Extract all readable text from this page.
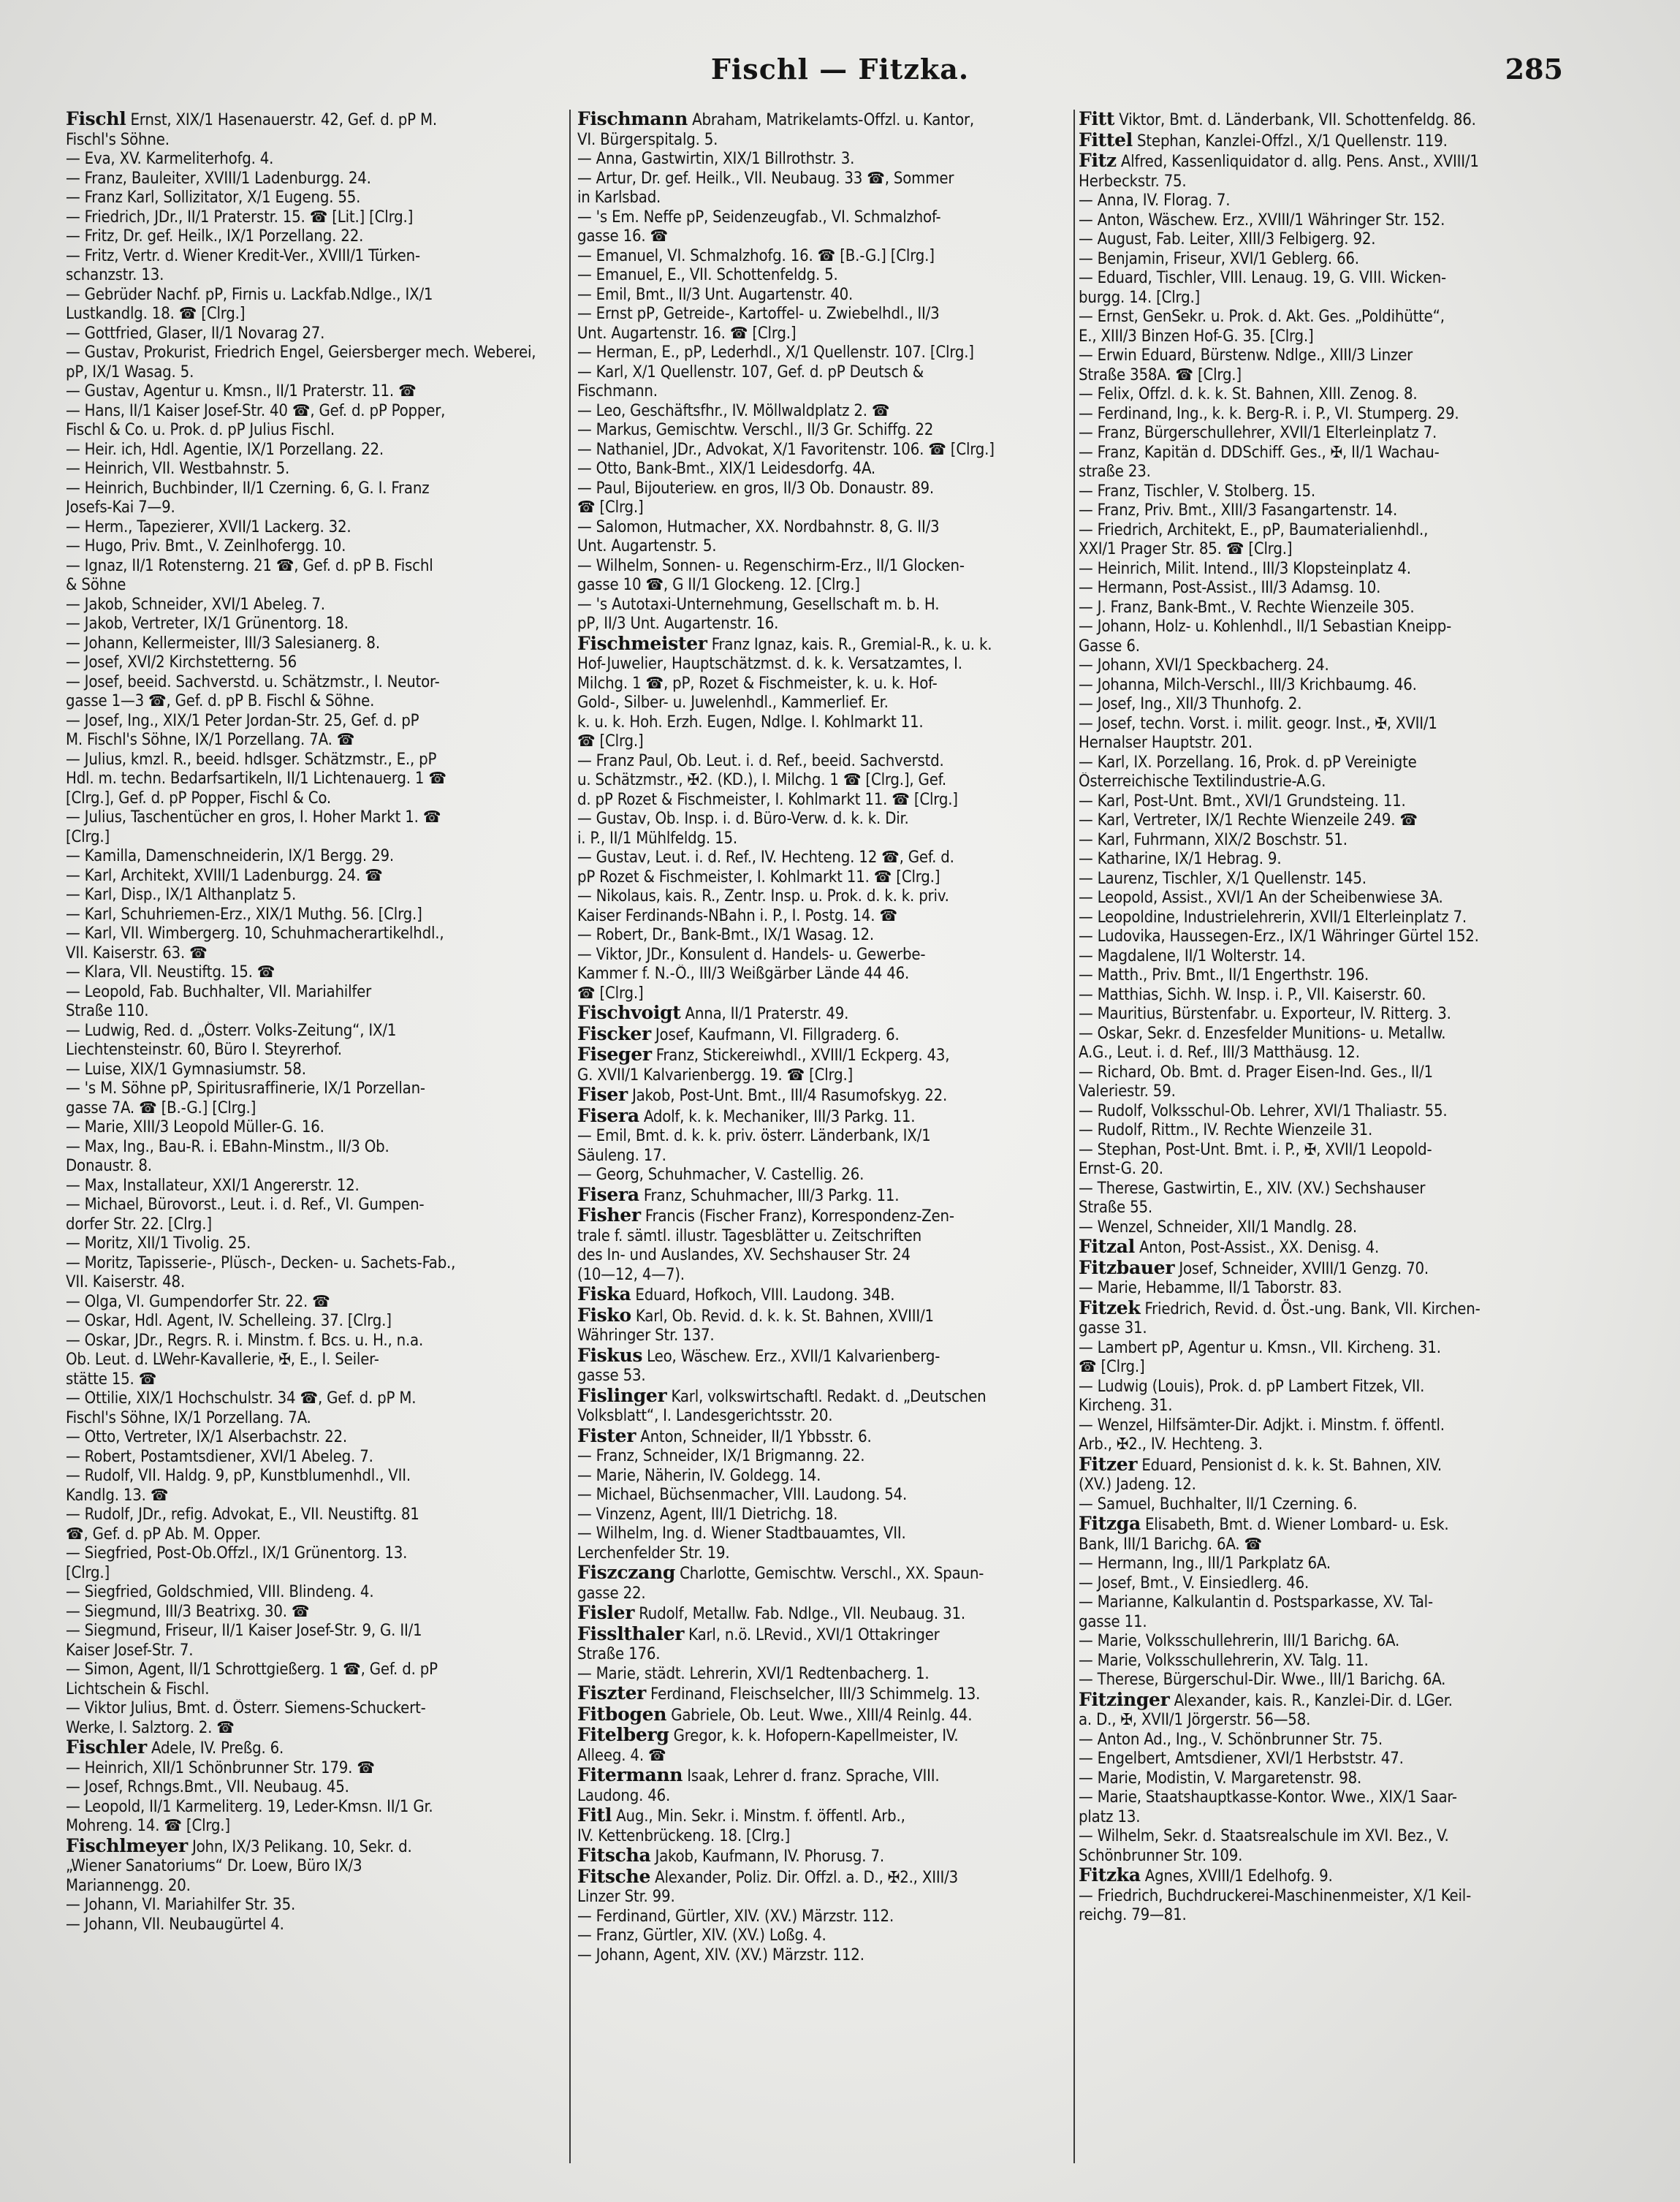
Fischl — Fitzka.	285
Fischl Ernst, XIX/1 Hasenauerstr. 42, Gef. d. pP M.
Fischl's Söhne.
— Eva, XV. Karmeliterhofg. 4.
— Franz, Bauleiter, XVIII/1 Ladenburgg. 24.
— Franz Karl, Sollizitator, X/1 Eugeng. 55.
— Friedrich, JDr., II/1 Praterstr. 15. ☎ [Lit.] [Clrg.]
— Fritz, Dr. gef. Heilk., IX/1 Porzellang. 22.
— Fritz, Vertr. d. Wiener Kredit-Ver., XVIII/1 Türken-
schanzstr. 13.
— Gebrüder Nachf. pP, Firnis u. Lackfab.Ndlge., IX/1
Lustkandlg. 18. ☎ [Clrg.]
— Gottfried, Glaser, II/1 Novarag 27.
— Gustav, Prokurist, Friedrich Engel, Geiersberger mech. Weberei,
pP, IX/1 Wasag. 5.
— Gustav, Agentur u. Kmsn., II/1 Praterstr. 11. ☎
— Hans, II/1 Kaiser Josef-Str. 40 ☎, Gef. d. pP Popper,
Fischl & Co. u. Prok. d. pP Julius Fischl.
— Heir. ich, Hdl. Agentie, IX/1 Porzellang. 22.
— Heinrich, VII. Westbahnstr. 5.
— Heinrich, Buchbinder, II/1 Czerning. 6, G. I. Franz
Josefs-Kai 7—9.
— Herm., Tapezierer, XVII/1 Lackerg. 32.
— Hugo, Priv. Bmt., V. Zeinlhofergg. 10.
— Ignaz, II/1 Rotensterng. 21 ☎, Gef. d. pP B. Fischl
& Söhne
— Jakob, Schneider, XVI/1 Abeleg. 7.
— Jakob, Vertreter, IX/1 Grünentorg. 18.
— Johann, Kellermeister, III/3 Salesianerg. 8.
— Josef, XVI/2 Kirchstetterng. 56
— Josef, beeid. Sachverstd. u. Schätzmstr., I. Neutor-
gasse 1—3 ☎, Gef. d. pP B. Fischl & Söhne.
— Josef, Ing., XIX/1 Peter Jordan-Str. 25, Gef. d. pP
M. Fischl's Söhne, IX/1 Porzellang. 7A. ☎
— Julius, kmzl. R., beeid. hdlsger. Schätzmstr., E., pP
Hdl. m. techn. Bedarfsartikeln, II/1 Lichtenauerg. 1 ☎
[Clrg.], Gef. d. pP Popper, Fischl & Co.
— Julius, Taschentücher en gros, I. Hoher Markt 1. ☎
[Clrg.]
— Kamilla, Damenschneiderin, IX/1 Bergg. 29.
— Karl, Architekt, XVIII/1 Ladenburgg. 24. ☎
— Karl, Disp., IX/1 Althanplatz 5.
— Karl, Schuhriemen-Erz., XIX/1 Muthg. 56. [Clrg.]
— Karl, VII. Wimbergerg. 10, Schuhmacherartikelhdl.,
VII. Kaiserstr. 63. ☎
— Klara, VII. Neustiftg. 15. ☎
— Leopold, Fab. Buchhalter, VII. Mariahilfer
Straße 110.
— Ludwig, Red. d. „Österr. Volks-Zeitung“, IX/1
Liechtensteinstr. 60, Büro I. Steyrerhof.
— Luise, XIX/1 Gymnasiumstr. 58.
— 's M. Söhne pP, Spiritusraffinerie, IX/1 Porzellan-
gasse 7A. ☎ [B.-G.] [Clrg.]
— Marie, XIII/3 Leopold Müller-G. 16.
— Max, Ing., Bau-R. i. EBahn-Minstm., II/3 Ob.
Donaustr. 8.
— Max, Installateur, XXI/1 Angererstr. 12.
— Michael, Bürovorst., Leut. i. d. Ref., VI. Gumpen-
dorfer Str. 22. [Clrg.]
— Moritz, XII/1 Tivolig. 25.
— Moritz, Tapisserie-, Plüsch-, Decken- u. Sachets-Fab.,
VII. Kaiserstr. 48.
— Olga, VI. Gumpendorfer Str. 22. ☎
— Oskar, Hdl. Agent, IV. Schelleing. 37. [Clrg.]
— Oskar, JDr., Regrs. R. i. Minstm. f. Bcs. u. H., n.a.
Ob. Leut. d. LWehr-Kavallerie, ✠, E., I. Seiler-
stätte 15. ☎
— Ottilie, XIX/1 Hochschulstr. 34 ☎, Gef. d. pP M.
Fischl's Söhne, IX/1 Porzellang. 7A.
— Otto, Vertreter, IX/1 Alserbachstr. 22.
— Robert, Postamtsdiener, XVI/1 Abeleg. 7.
— Rudolf, VII. Haldg. 9, pP, Kunstblumenhdl., VII.
Kandlg. 13. ☎
— Rudolf, JDr., refig. Advokat, E., VII. Neustiftg. 81
☎, Gef. d. pP Ab. M. Opper.
— Siegfried, Post-Ob.Offzl., IX/1 Grünentorg. 13.
[Clrg.]
— Siegfried, Goldschmied, VIII. Blindeng. 4.
— Siegmund, III/3 Beatrixg. 30. ☎
— Siegmund, Friseur, II/1 Kaiser Josef-Str. 9, G. II/1
Kaiser Josef-Str. 7.
— Simon, Agent, II/1 Schrottgießerg. 1 ☎, Gef. d. pP
Lichtschein & Fischl.
— Viktor Julius, Bmt. d. Österr. Siemens-Schuckert-
Werke, I. Salztorg. 2. ☎
Fischler Adele, IV. Preßg. 6.
— Heinrich, XII/1 Schönbrunner Str. 179. ☎
— Josef, Rchngs.Bmt., VII. Neubaug. 45.
— Leopold, II/1 Karmeliterg. 19, Leder-Kmsn. II/1 Gr.
Mohreng. 14. ☎ [Clrg.]
Fischlmeyer John, IX/3 Pelikang. 10, Sekr. d.
„Wiener Sanatoriums“ Dr. Loew, Büro IX/3
Mariannengg. 20.
— Johann, VI. Mariahilfer Str. 35.
— Johann, VII. Neubaugürtel 4.
Fischmann Abraham, Matrikelamts-Offzl. u. Kantor,
VI. Bürgerspitalg. 5.
— Anna, Gastwirtin, XIX/1 Billrothstr. 3.
— Artur, Dr. gef. Heilk., VII. Neubaug. 33 ☎, Sommer
in Karlsbad.
— 's Em. Neffe pP, Seidenzeugfab., VI. Schmalzhof-
gasse 16. ☎
— Emanuel, VI. Schmalzhofg. 16. ☎ [B.-G.] [Clrg.]
— Emanuel, E., VII. Schottenfeldg. 5.
— Emil, Bmt., II/3 Unt. Augartenstr. 40.
— Ernst pP, Getreide-, Kartoffel- u. Zwiebelhdl., II/3
Unt. Augartenstr. 16. ☎ [Clrg.]
— Herman, E., pP, Lederhdl., X/1 Quellenstr. 107. [Clrg.]
— Karl, X/1 Quellenstr. 107, Gef. d. pP Deutsch &
Fischmann.
— Leo, Geschäftsfhr., IV. Möllwaldplatz 2. ☎
— Markus, Gemischtw. Verschl., II/3 Gr. Schiffg. 22
— Nathaniel, JDr., Advokat, X/1 Favoritenstr. 106. ☎ [Clrg.]
— Otto, Bank-Bmt., XIX/1 Leidesdorfg. 4A.
— Paul, Bijouteriew. en gros, II/3 Ob. Donaustr. 89.
☎ [Clrg.]
— Salomon, Hutmacher, XX. Nordbahnstr. 8, G. II/3
Unt. Augartenstr. 5.
— Wilhelm, Sonnen- u. Regenschirm-Erz., II/1 Glocken-
gasse 10 ☎, G II/1 Glockeng. 12. [Clrg.]
— 's Autotaxi-Unternehmung, Gesellschaft m. b. H.
pP, II/3 Unt. Augartenstr. 16.
Fischmeister Franz Ignaz, kais. R., Gremial-R., k. u. k.
Hof-Juwelier, Hauptschätzmst. d. k. k. Versatzamtes, I.
Milchg. 1 ☎, pP, Rozet & Fischmeister, k. u. k. Hof-
Gold-, Silber- u. Juwelenhdl., Kammerlief. Er.
k. u. k. Hoh. Erzh. Eugen, Ndlge. I. Kohlmarkt 11.
☎ [Clrg.]
— Franz Paul, Ob. Leut. i. d. Ref., beeid. Sachverstd.
u. Schätzmstr., ✠2. (KD.), I. Milchg. 1 ☎ [Clrg.], Gef.
d. pP Rozet & Fischmeister, I. Kohlmarkt 11. ☎ [Clrg.]
— Gustav, Ob. Insp. i. d. Büro-Verw. d. k. k. Dir.
i. P., II/1 Mühlfeldg. 15.
— Gustav, Leut. i. d. Ref., IV. Hechteng. 12 ☎, Gef. d.
pP Rozet & Fischmeister, I. Kohlmarkt 11. ☎ [Clrg.]
— Nikolaus, kais. R., Zentr. Insp. u. Prok. d. k. k. priv.
Kaiser Ferdinands-NBahn i. P., I. Postg. 14. ☎
— Robert, Dr., Bank-Bmt., IX/1 Wasag. 12.
— Viktor, JDr., Konsulent d. Handels- u. Gewerbe-
Kammer f. N.-Ö., III/3 Weißgärber Lände 44 46.
☎ [Clrg.]
Fischvoigt Anna, II/1 Praterstr. 49.
Fiscker Josef, Kaufmann, VI. Fillgraderg. 6.
Fiseger Franz, Stickereiwhdl., XVIII/1 Eckperg. 43,
G. XVII/1 Kalvarienbergg. 19. ☎ [Clrg.]
Fiser Jakob, Post-Unt. Bmt., III/4 Rasumofskyg. 22.
Fisera Adolf, k. k. Mechaniker, III/3 Parkg. 11.
— Emil, Bmt. d. k. k. priv. österr. Länderbank, IX/1
Säuleng. 17.
— Georg, Schuhmacher, V. Castellig. 26.
Fisera Franz, Schuhmacher, III/3 Parkg. 11.
Fisher Francis (Fischer Franz), Korrespondenz-Zen-
trale f. sämtl. illustr. Tagesblätter u. Zeitschriften
des In- und Auslandes, XV. Sechshauser Str. 24
(10—12, 4—7).
Fiska Eduard, Hofkoch, VIII. Laudong. 34B.
Fisko Karl, Ob. Revid. d. k. k. St. Bahnen, XVIII/1
Währinger Str. 137.
Fiskus Leo, Wäschew. Erz., XVII/1 Kalvarienberg-
gasse 53.
Fislinger Karl, volkswirtschaftl. Redakt. d. „Deutschen
Volksblatt“, I. Landesgerichtsstr. 20.
Fister Anton, Schneider, II/1 Ybbsstr. 6.
— Franz, Schneider, IX/1 Brigmanng. 22.
— Marie, Näherin, IV. Goldegg. 14.
— Michael, Büchsenmacher, VIII. Laudong. 54.
— Vinzenz, Agent, III/1 Dietrichg. 18.
— Wilhelm, Ing. d. Wiener Stadtbauamtes, VII.
Lerchenfelder Str. 19.
Fiszczang Charlotte, Gemischtw. Verschl., XX. Spaun-
gasse 22.
Fisler Rudolf, Metallw. Fab. Ndlge., VII. Neubaug. 31.
Fisslthaler Karl, n.ö. LRevid., XVI/1 Ottakringer
Straße 176.
— Marie, städt. Lehrerin, XVI/1 Redtenbacherg. 1.
Fiszter Ferdinand, Fleischselcher, III/3 Schimmelg. 13.
Fitbogen Gabriele, Ob. Leut. Wwe., XIII/4 Reinlg. 44.
Fitelberg Gregor, k. k. Hofopern-Kapellmeister, IV.
Alleeg. 4. ☎
Fitermann Isaak, Lehrer d. franz. Sprache, VIII.
Laudong. 46.
Fitl Aug., Min. Sekr. i. Minstm. f. öffentl. Arb.,
IV. Kettenbrückeng. 18. [Clrg.]
Fitscha Jakob, Kaufmann, IV. Phorusg. 7.
Fitsche Alexander, Poliz. Dir. Offzl. a. D., ✠2., XIII/3
Linzer Str. 99.
— Ferdinand, Gürtler, XIV. (XV.) Märzstr. 112.
— Franz, Gürtler, XIV. (XV.) Loßg. 4.
— Johann, Agent, XIV. (XV.) Märzstr. 112.
Fitt Viktor, Bmt. d. Länderbank, VII. Schottenfeldg. 86.
Fittel Stephan, Kanzlei-Offzl., X/1 Quellenstr. 119.
Fitz Alfred, Kassenliquidator d. allg. Pens. Anst., XVIII/1
Herbeckstr. 75.
— Anna, IV. Florag. 7.
— Anton, Wäschew. Erz., XVIII/1 Währinger Str. 152.
— August, Fab. Leiter, XIII/3 Felbigerg. 92.
— Benjamin, Friseur, XVI/1 Geblerg. 66.
— Eduard, Tischler, VIII. Lenaug. 19, G. VIII. Wicken-
burgg. 14. [Clrg.]
— Ernst, GenSekr. u. Prok. d. Akt. Ges. „Poldihütte“,
E., XIII/3 Binzen Hof-G. 35. [Clrg.]
— Erwin Eduard, Bürstenw. Ndlge., XIII/3 Linzer
Straße 358A. ☎ [Clrg.]
— Felix, Offzl. d. k. k. St. Bahnen, XIII. Zenog. 8.
— Ferdinand, Ing., k. k. Berg-R. i. P., VI. Stumperg. 29.
— Franz, Bürgerschullehrer, XVII/1 Elterleinplatz 7.
— Franz, Kapitän d. DDSchiff. Ges., ✠, II/1 Wachau-
straße 23.
— Franz, Tischler, V. Stolberg. 15.
— Franz, Priv. Bmt., XIII/3 Fasangartenstr. 14.
— Friedrich, Architekt, E., pP, Baumaterialienhdl.,
XXI/1 Prager Str. 85. ☎ [Clrg.]
— Heinrich, Milit. Intend., III/3 Klopsteinplatz 4.
— Hermann, Post-Assist., III/3 Adamsg. 10.
— J. Franz, Bank-Bmt., V. Rechte Wienzeile 305.
— Johann, Holz- u. Kohlenhdl., II/1 Sebastian Kneipp-
Gasse 6.
— Johann, XVI/1 Speckbacherg. 24.
— Johanna, Milch-Verschl., III/3 Krichbaumg. 46.
— Josef, Ing., XII/3 Thunhofg. 2.
— Josef, techn. Vorst. i. milit. geogr. Inst., ✠, XVII/1
Hernalser Hauptstr. 201.
— Karl, IX. Porzellang. 16, Prok. d. pP Vereinigte
Österreichische Textilindustrie-A.G.
— Karl, Post-Unt. Bmt., XVI/1 Grundsteing. 11.
— Karl, Vertreter, IX/1 Rechte Wienzeile 249. ☎
— Karl, Fuhrmann, XIX/2 Boschstr. 51.
— Katharine, IX/1 Hebrag. 9.
— Laurenz, Tischler, X/1 Quellenstr. 145.
— Leopold, Assist., XVI/1 An der Scheibenwiese 3A.
— Leopoldine, Industrielehrerin, XVII/1 Elterleinplatz 7.
— Ludovika, Haussegen-Erz., IX/1 Währinger Gürtel 152.
— Magdalene, II/1 Wolterstr. 14.
— Matth., Priv. Bmt., II/1 Engerthstr. 196.
— Matthias, Sichh. W. Insp. i. P., VII. Kaiserstr. 60.
— Mauritius, Bürstenfabr. u. Exporteur, IV. Ritterg. 3.
— Oskar, Sekr. d. Enzesfelder Munitions- u. Metallw.
A.G., Leut. i. d. Ref., III/3 Matthäusg. 12.
— Richard, Ob. Bmt. d. Prager Eisen-Ind. Ges., II/1
Valeriestr. 59.
— Rudolf, Volksschul-Ob. Lehrer, XVI/1 Thaliastr. 55.
— Rudolf, Rittm., IV. Rechte Wienzeile 31.
— Stephan, Post-Unt. Bmt. i. P., ✠, XVII/1 Leopold-
Ernst-G. 20.
— Therese, Gastwirtin, E., XIV. (XV.) Sechshauser
Straße 55.
— Wenzel, Schneider, XII/1 Mandlg. 28.
Fitzal Anton, Post-Assist., XX. Denisg. 4.
Fitzbauer Josef, Schneider, XVIII/1 Genzg. 70.
— Marie, Hebamme, II/1 Taborstr. 83.
Fitzek Friedrich, Revid. d. Öst.-ung. Bank, VII. Kirchen-
gasse 31.
— Lambert pP, Agentur u. Kmsn., VII. Kircheng. 31.
☎ [Clrg.]
— Ludwig (Louis), Prok. d. pP Lambert Fitzek, VII.
Kircheng. 31.
— Wenzel, Hilfsämter-Dir. Adjkt. i. Minstm. f. öffentl.
Arb., ✠2., IV. Hechteng. 3.
Fitzer Eduard, Pensionist d. k. k. St. Bahnen, XIV.
(XV.) Jadeng. 12.
— Samuel, Buchhalter, II/1 Czerning. 6.
Fitzga Elisabeth, Bmt. d. Wiener Lombard- u. Esk.
Bank, III/1 Barichg. 6A. ☎
— Hermann, Ing., III/1 Parkplatz 6A.
— Josef, Bmt., V. Einsiedlerg. 46.
— Marianne, Kalkulantin d. Postsparkasse, XV. Tal-
gasse 11.
— Marie, Volksschullehrerin, III/1 Barichg. 6A.
— Marie, Volksschullehrerin, XV. Talg. 11.
— Therese, Bürgerschul-Dir. Wwe., III/1 Barichg. 6A.
Fitzinger Alexander, kais. R., Kanzlei-Dir. d. LGer.
a. D., ✠, XVII/1 Jörgerstr. 56—58.
— Anton Ad., Ing., V. Schönbrunner Str. 75.
— Engelbert, Amtsdiener, XVI/1 Herbststr. 47.
— Marie, Modistin, V. Margaretenstr. 98.
— Marie, Staatshauptkasse-Kontor. Wwe., XIX/1 Saar-
platz 13.
— Wilhelm, Sekr. d. Staatsrealschule im XVI. Bez., V.
Schönbrunner Str. 109.
Fitzka Agnes, XVIII/1 Edelhofg. 9.
— Friedrich, Buchdruckerei-Maschinenmeister, X/1 Keil-
reichg. 79—81.
